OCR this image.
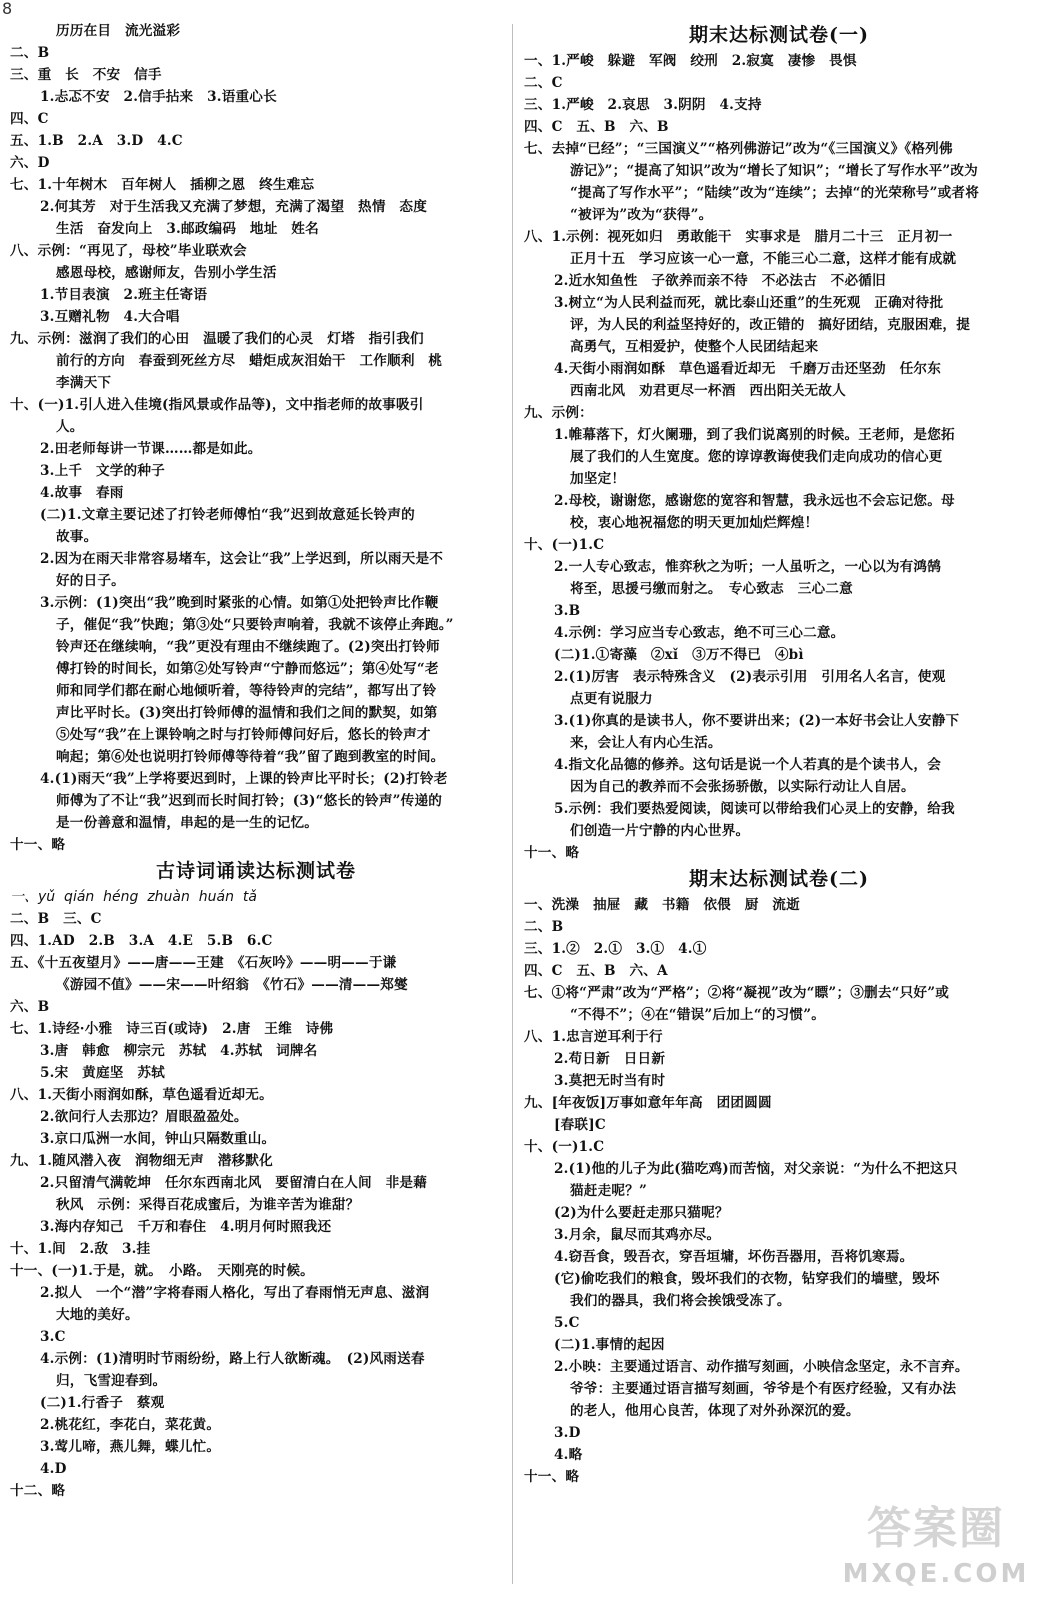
8
历历在目　流光溢彩
二、B
三、重　长　不安　信手
1.忐忑不安　2.信手拈来　3.语重心长
四、C
五、1.B　2.A　3.D　4.C
六、D
七、1.十年树木　百年树人　插柳之恩　终生难忘
2.何其芳　对于生活我又充满了梦想，充满了渴望　热情　态度
生活　奋发向上　3.邮政编码　地址　姓名
八、示例：“再见了，母校”毕业联欢会
感恩母校，感谢师友，告别小学生活
1.节目表演　2.班主任寄语
3.互赠礼物　4.大合唱
九、示例：滋润了我们的心田　温暖了我们的心灵　灯塔　指引我们
前行的方向　春蚕到死丝方尽　蜡炬成灰泪始干　工作顺利　桃
李满天下
十、(一)1.引人进入佳境(指风景或作品等)，文中指老师的故事吸引
人。
2.田老师每讲一节课……都是如此。
3.上千　文学的种子
4.故事　春雨
(二)1.文章主要记述了打铃老师傅怕“我”迟到故意延长铃声的
故事。
2.因为在雨天非常容易堵车，这会让“我”上学迟到，所以雨天是不
好的日子。
3.示例：(1)突出“我”晚到时紧张的心情。如第①处把铃声比作鞭
子，催促“我”快跑；第③处“只要铃声响着，我就不该停止奔跑。”
铃声还在继续响，“我”更没有理由不继续跑了。(2)突出打铃师
傅打铃的时间长，如第②处写铃声“宁静而悠远”；第④处写“老
师和同学们都在耐心地倾听着，等待铃声的完结”，都写出了铃
声比平时长。(3)突出打铃师傅的温情和我们之间的默契，如第
⑤处写“我”在上课铃响之时与打铃师傅问好后，悠长的铃声才
响起；第⑥处也说明打铃师傅等待着“我”留了跑到教室的时间。
4.(1)雨天“我”上学将要迟到时，上课的铃声比平时长；(2)打铃老
师傅为了不让“我”迟到而长时间打铃；(3)“悠长的铃声”传递的
是一份善意和温情，串起的是一生的记忆。
十一、略
古诗词诵读达标测试卷
一、yǔ  qián  héng  zhuàn  huán  tǎ
二、B　三、C
四、1.AD　2.B　3.A　4.E　5.B　6.C
五、《十五夜望月》——唐——王建　《石灰吟》——明——于谦
《游园不值》——宋——叶绍翁　《竹石》——清——郑燮
六、B
七、1.诗经·小雅　诗三百(或诗)　2.唐　王维　诗佛
3.唐　韩愈　柳宗元　苏轼　4.苏轼　词牌名
5.宋　黄庭坚　苏轼
八、1.天街小雨润如酥，草色遥看近却无。
2.欲问行人去那边？眉眼盈盈处。
3.京口瓜洲一水间，钟山只隔数重山。
九、1.随风潜入夜　润物细无声　潜移默化
2.只留清气满乾坤　任尔东西南北风　要留清白在人间　非是藉
秋风　示例：采得百花成蜜后，为谁辛苦为谁甜？
3.海内存知己　千万和春住　4.明月何时照我还
十、1.间　2.敌　3.挂
十一、(一)1.于是，就。　小路。　天刚亮的时候。
2.拟人　一个“潜”字将春雨人格化，写出了春雨悄无声息、滋润
大地的美好。
3.C
4.示例：(1)清明时节雨纷纷，路上行人欲断魂。　(2)风雨送春
归，飞雪迎春到。
(二)1.行香子　蔡观
2.桃花红，李花白，菜花黄。
3.莺儿啼，燕儿舞，蝶儿忙。
4.D
十二、略
期末达标测试卷(一)
一、1.严峻　躲避　军阀　绞刑　2.寂寞　凄惨　畏惧
二、C
三、1.严峻　2.哀思　3.阴阴　4.支持
四、C　五、B　六、B
七、去掉“已经”；“三国演义”“格列佛游记”改为“《三国演义》《格列佛
游记》”；“提高了知识”改为“增长了知识”；“增长了写作水平”改为
“提高了写作水平”；“陆续”改为“连续”；去掉“的光荣称号”或者将
“被评为”改为“获得”。
八、1.示例：视死如归　勇敢能干　实事求是　腊月二十三　正月初一
正月十五　学习应该一心一意，不能三心二意，这样才能有成就
2.近水知鱼性　子欲养而亲不待　不必法古　不必循旧
3.树立“为人民利益而死，就比泰山还重”的生死观　正确对待批
评，为人民的利益坚持好的，改正错的　搞好团结，克服困难，提
高勇气，互相爱护，使整个人民团结起来
4.天街小雨润如酥　草色遥看近却无　千磨万击还坚劲　任尔东
西南北风　劝君更尽一杯酒　西出阳关无故人
九、示例：
1.帷幕落下，灯火阑珊，到了我们说离别的时候。王老师，是您拓
展了我们的人生宽度。您的谆谆教诲使我们走向成功的信心更
加坚定！
2.母校，谢谢您，感谢您的宽容和智慧，我永远也不会忘记您。母
校，衷心地祝福您的明天更加灿烂辉煌！
十、(一)1.C
2.一人专心致志，惟弈秋之为听；一人虽听之，一心以为有鸿鹄
将至，思援弓缴而射之。　专心致志　三心二意
3.B
4.示例：学习应当专心致志，绝不可三心二意。
(二)1.①寄藻　②xǐ　③万不得已　④bì
2.(1)厉害　表示特殊含义　(2)表示引用　引用名人名言，使观
点更有说服力
3.(1)你真的是读书人，你不要讲出来；(2)一本好书会让人安静下
来，会让人有内心生活。
4.指文化品德的修养。这句话是说一个人若真的是个读书人，会
因为自己的教养而不会张扬骄傲，以实际行动让人自居。
5.示例：我们要热爱阅读，阅读可以带给我们心灵上的安静，给我
们创造一片宁静的内心世界。
十一、略
期末达标测试卷(二)
一、洗澡　抽屉　藏　书籍　依偎　厨　流逝
二、B
三、1.②　2.①　3.①　4.①
四、C　五、B　六、A
七、①将“严肃”改为“严格”；②将“凝视”改为“瞟”；③删去“只好”或
“不得不”；④在“错误”后加上“的习惯”。
八、1.忠言逆耳利于行
2.苟日新　日日新
3.莫把无时当有时
九、[年夜饭]万事如意年年高　团团圆圆
[春联]C
十、(一)1.C
2.(1)他的儿子为此(猫吃鸡)而苦恼，对父亲说：“为什么不把这只
猫赶走呢？”
(2)为什么要赶走那只猫呢？
3.月余，鼠尽而其鸡亦尽。
4.窃吾食，毁吾衣，穿吾垣墉，坏伤吾器用，吾将饥寒焉。
(它)偷吃我们的粮食，毁坏我们的衣物，钻穿我们的墙壁，毁坏
我们的器具，我们将会挨饿受冻了。
5.C
(二)1.事情的起因
2.小映：主要通过语言、动作描写刻画，小映信念坚定，永不言弃。
爷爷：主要通过语言描写刻画，爷爷是个有医疗经验，又有办法
的老人，他用心良苦，体现了对外孙深沉的爱。
3.D
4.略
十一、略
答案圈
MXQE.COM
